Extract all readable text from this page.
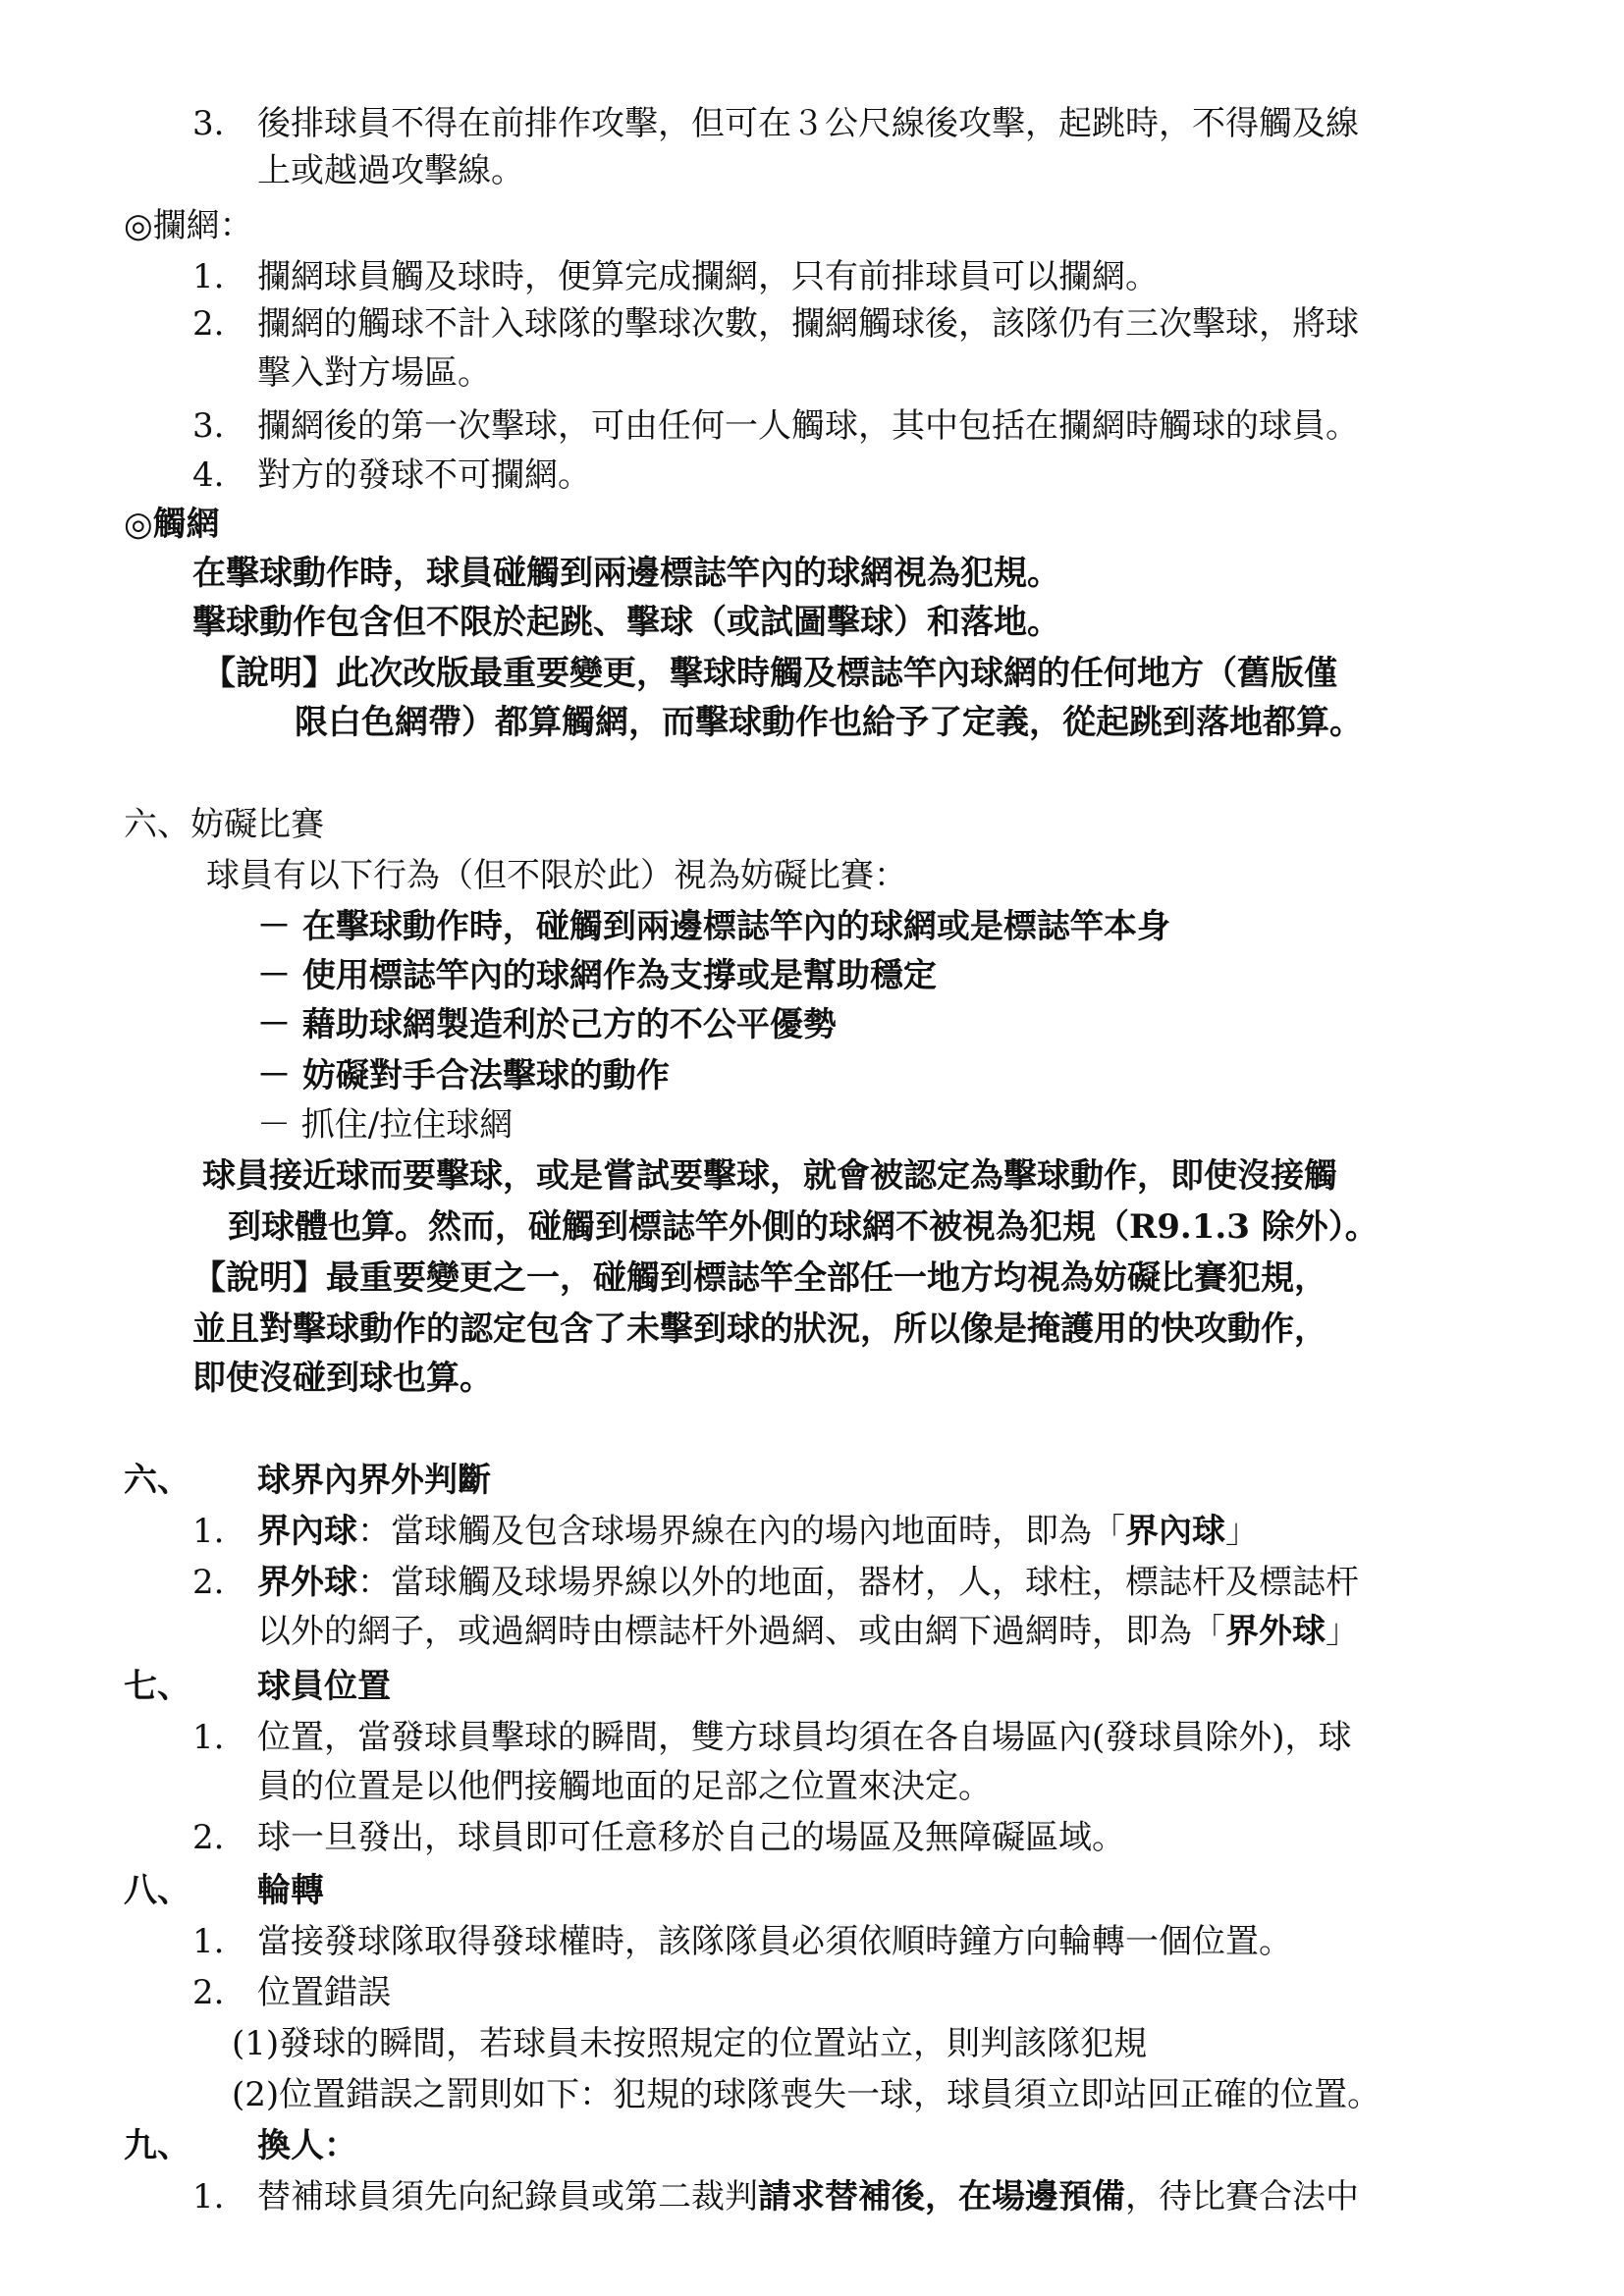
3. 後排球員不得在前排作攻擊，但可在３公尺線後攻擊，起跳時，不得觸及線
上或越過攻擊線。
◎攔網：
1. 攔網球員觸及球時，便算完成攔網，只有前排球員可以攔網。
2. 攔網的觸球不計入球隊的擊球次數，攔網觸球後，該隊仍有三次擊球，將球
擊入對方場區。
3. 攔網後的第一次擊球，可由任何一人觸球，其中包括在攔網時觸球的球員。
4. 對方的發球不可攔網。
◎觸網
在擊球動作時，球員碰觸到兩邊標誌竿內的球網視為犯規。
擊球動作包含但不限於起跳、擊球（或試圖擊球）和落地。
【說明】此次改版最重要變更，擊球時觸及標誌竿內球網的任何地方（舊版僅
限白色網帶）都算觸網，而擊球動作也給予了定義，從起跳到落地都算。
六、妨礙比賽
球員有以下行為（但不限於此）視為妨礙比賽：
－ 在擊球動作時，碰觸到兩邊標誌竿內的球網或是標誌竿本身
－ 使用標誌竿內的球網作為支撐或是幫助穩定
－ 藉助球網製造利於己方的不公平優勢
－ 妨礙對手合法擊球的動作
－ 抓住/拉住球網
球員接近球而要擊球，或是嘗試要擊球，就會被認定為擊球動作，即使沒接觸
到球體也算。然而，碰觸到標誌竿外側的球網不被視為犯規（R9.1.3 除外）。
【說明】最重要變更之一，碰觸到標誌竿全部任一地方均視為妨礙比賽犯規，
並且對擊球動作的認定包含了未擊到球的狀況，所以像是掩護用的快攻動作，
即使沒碰到球也算。
六、 球界內界外判斷
1. 界內球：當球觸及包含球場界線在內的場內地面時，即為「界內球」
2. 界外球：當球觸及球場界線以外的地面，器材，人，球柱，標誌杆及標誌杆
以外的網子，或過網時由標誌杆外過網、或由網下過網時，即為「界外球」
七、 球員位置
1. 位置，當發球員擊球的瞬間，雙方球員均須在各自場區內(發球員除外)，球
員的位置是以他們接觸地面的足部之位置來決定。
2. 球一旦發出，球員即可任意移於自己的場區及無障礙區域。
八、 輪轉
1. 當接發球隊取得發球權時，該隊隊員必須依順時鐘方向輪轉一個位置。
2. 位置錯誤
(1)發球的瞬間，若球員未按照規定的位置站立，則判該隊犯規
(2)位置錯誤之罰則如下：犯規的球隊喪失一球，球員須立即站回正確的位置。
九、 換人：
1. 替補球員須先向紀錄員或第二裁判請求替補後，在場邊預備，待比賽合法中
